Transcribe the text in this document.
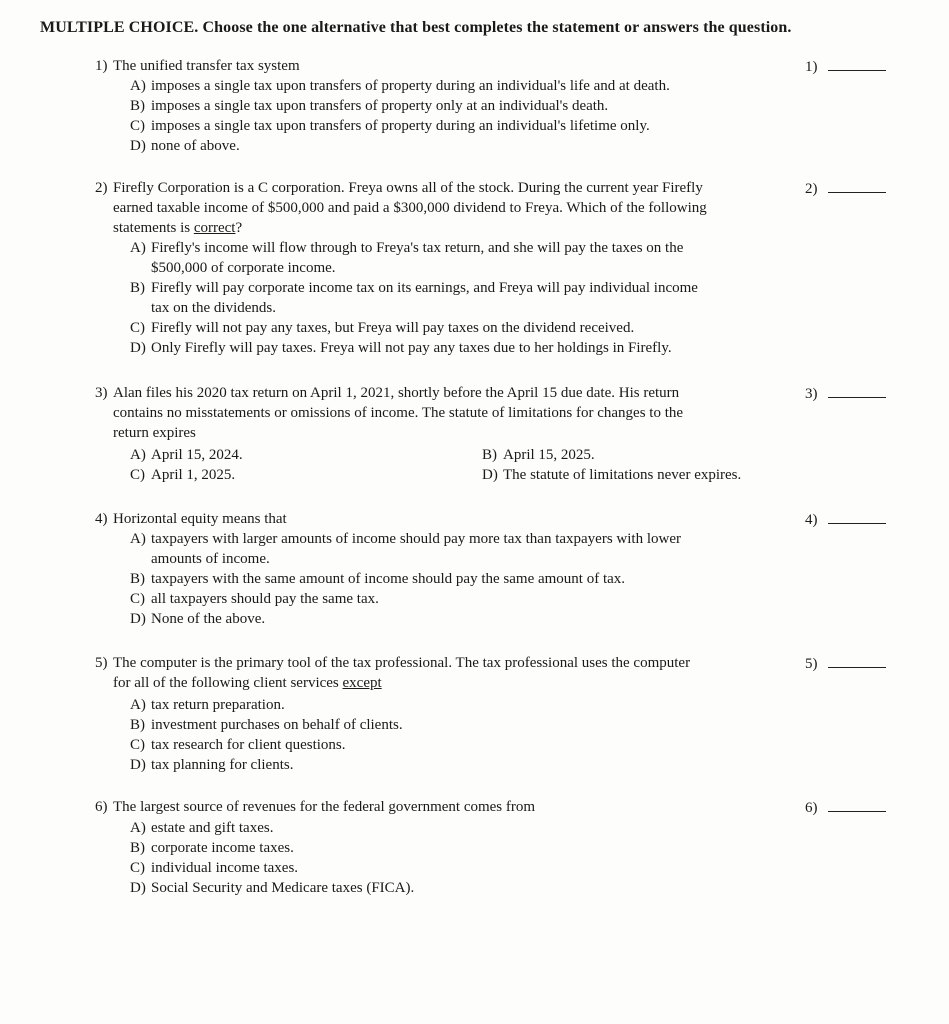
MULTIPLE CHOICE. Choose the one alternative that best completes the statement or answers the question.
1) The unified transfer tax system	1)
A) imposes a single tax upon transfers of property during an individual's life and at death.
B) imposes a single tax upon transfers of property only at an individual's death.
C) imposes a single tax upon transfers of property during an individual's lifetime only.
D) none of above.
2) Firefly Corporation is a C corporation. Freya owns all of the stock. During the current year Firefly
earned taxable income of $500,000 and paid a $300,000 dividend to Freya. Which of the following
statements is correct?
2)
A) Firefly's income will flow through to Freya's tax return, and she will pay the taxes on the
$500,000 of corporate income.
B) Firefly will pay corporate income tax on its earnings, and Freya will pay individual income
tax on the dividends.
C) Firefly will not pay any taxes, but Freya will pay taxes on the dividend received.
D) Only Firefly will pay taxes. Freya will not pay any taxes due to her holdings in Firefly.
3) Alan files his 2020 tax return on April 1, 2021, shortly before the April 15 due date. His return
contains no misstatements or omissions of income. The statute of limitations for changes to the
return expires
3)
A) April 15, 2024.	B) April 15, 2025.
C) April 1, 2025.	D) The statute of limitations never expires.
4) Horizontal equity means that	4)
A) taxpayers with larger amounts of income should pay more tax than taxpayers with lower
amounts of income.
B) taxpayers with the same amount of income should pay the same amount of tax.
C) all taxpayers should pay the same tax.
D) None of the above.
5) The computer is the primary tool of the tax professional. The tax professional uses the computer
for all of the following client services except
5)
A) tax return preparation.
B) investment purchases on behalf of clients.
C) tax research for client questions.
D) tax planning for clients.
6) The largest source of revenues for the federal government comes from	6)
A) estate and gift taxes.
B) corporate income taxes.
C) individual income taxes.
D) Social Security and Medicare taxes (FICA).
